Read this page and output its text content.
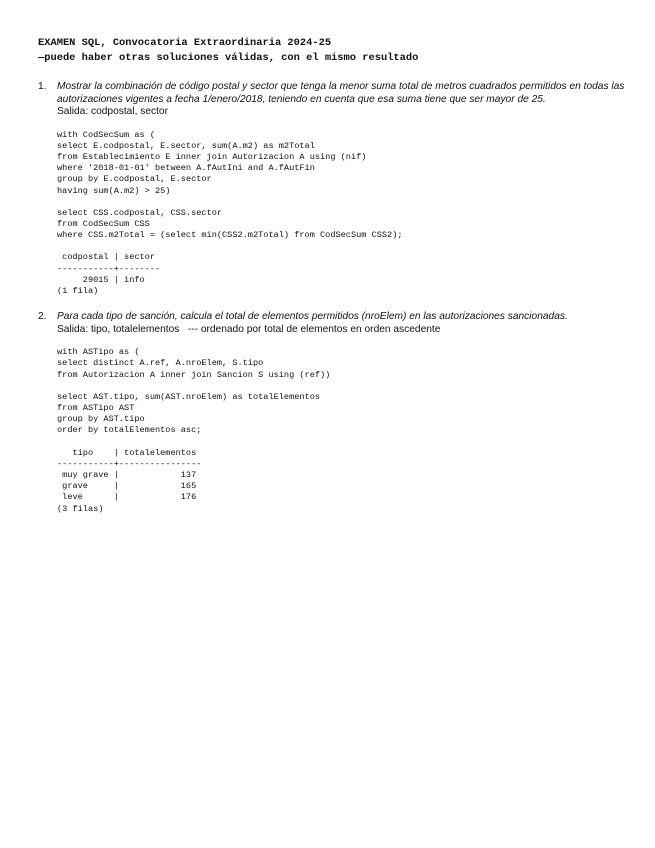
EXAMEN SQL, Convocatoria Extraordinaria 2024-25
—puede haber otras soluciones válidas, con el mismo resultado
1. Mostrar la combinación de código postal y sector que tenga la menor suma total de metros cuadrados permitidos en todas las autorizaciones vigentes a fecha 1/enero/2018, teniendo en cuenta que esa suma tiene que ser mayor de 25.
Salida: codpostal, sector
with CodSecSum as (
select E.codpostal, E.sector, sum(A.m2) as m2Total
from Establecimiento E inner join Autorizacion A using (nif)
where '2018-01-01' between A.fAutIni and A.fAutFin
group by E.codpostal, E.sector
having sum(A.m2) > 25)
select CSS.codpostal, CSS.sector
from CodSecSum CSS
where CSS.m2Total = (select min(CSS2.m2Total) from CodSecSum CSS2);
codpostal | sector
-----------+--------
29015 | info
(1 fila)
2. Para cada tipo de sanción, calcula el total de elementos permitidos (nroElem) en las autorizaciones sancionadas.
Salida: tipo, totalelementos   --- ordenado por total de elementos en orden ascedente
with ASTipo as (
select distinct A.ref, A.nroElem, S.tipo
from Autorizacion A inner join Sancion S using (ref))
select AST.tipo, sum(AST.nroElem) as totalElementos
from ASTipo AST
group by AST.tipo
order by totalElementos asc;
tipo    | totalelementos
-----------+----------------
muy grave |            137
grave     |            165
leve      |            176
(3 filas)
